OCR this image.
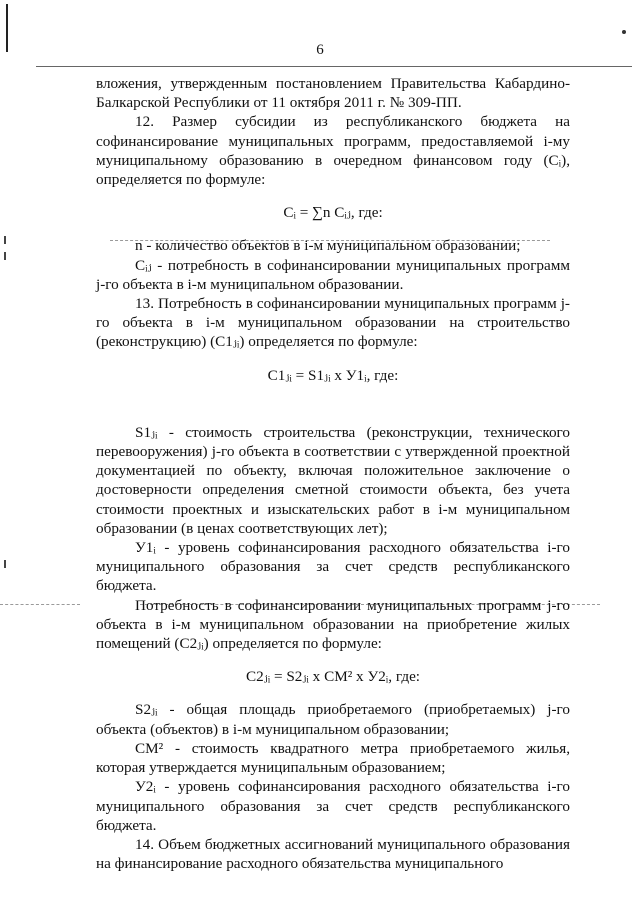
6

вложения, утвержденным постановлением Правительства Кабардино-Балкарской Республики от 11 октября 2011 г. № 309-ПП.

12. Размер субсидии из республиканского бюджета на софинансирование муниципальных программ, предоставляемой i-му муниципальному образованию в очередном финансовом году (Cᵢ), определяется по формуле:

Cᵢ = ∑n Cᵢⱼ, где:

n - количество объектов в i-м муниципальном образовании;

Cᵢⱼ - потребность в софинансировании муниципальных программ j-го объекта в i-м муниципальном образовании.

13. Потребность в софинансировании муниципальных программ j-го объекта в i-м муниципальном образовании на строительство (реконструкцию) (C1ⱼᵢ) определяется по формуле:

C1ⱼᵢ = S1ⱼᵢ x У1ᵢ, где:

S1ⱼᵢ - стоимость строительства (реконструкции, технического перевооружения) j-го объекта в соответствии с утвержденной проектной документацией по объекту, включая положительное заключение о достоверности определения сметной стоимости объекта, без учета стоимости проектных и изыскательских работ в i-м муниципальном образовании (в ценах соответствующих лет);

У1ᵢ - уровень софинансирования расходного обязательства i-го муниципального образования за счет средств республиканского бюджета.

Потребность в софинансировании муниципальных программ j-го объекта в i-м муниципальном образовании на приобретение жилых помещений (C2ⱼᵢ) определяется по формуле:

C2ⱼᵢ = S2ⱼᵢ x CM² x У2ᵢ, где:

S2ⱼᵢ - общая площадь приобретаемого (приобретаемых) j-го объекта (объектов) в i-м муниципальном образовании;

CM² - стоимость квадратного метра приобретаемого жилья, которая утверждается муниципальным образованием;

У2ᵢ - уровень софинансирования расходного обязательства i-го муниципального образования за счет средств республиканского бюджета.

14. Объем бюджетных ассигнований муниципального образования на финансирование расходного обязательства муниципального
